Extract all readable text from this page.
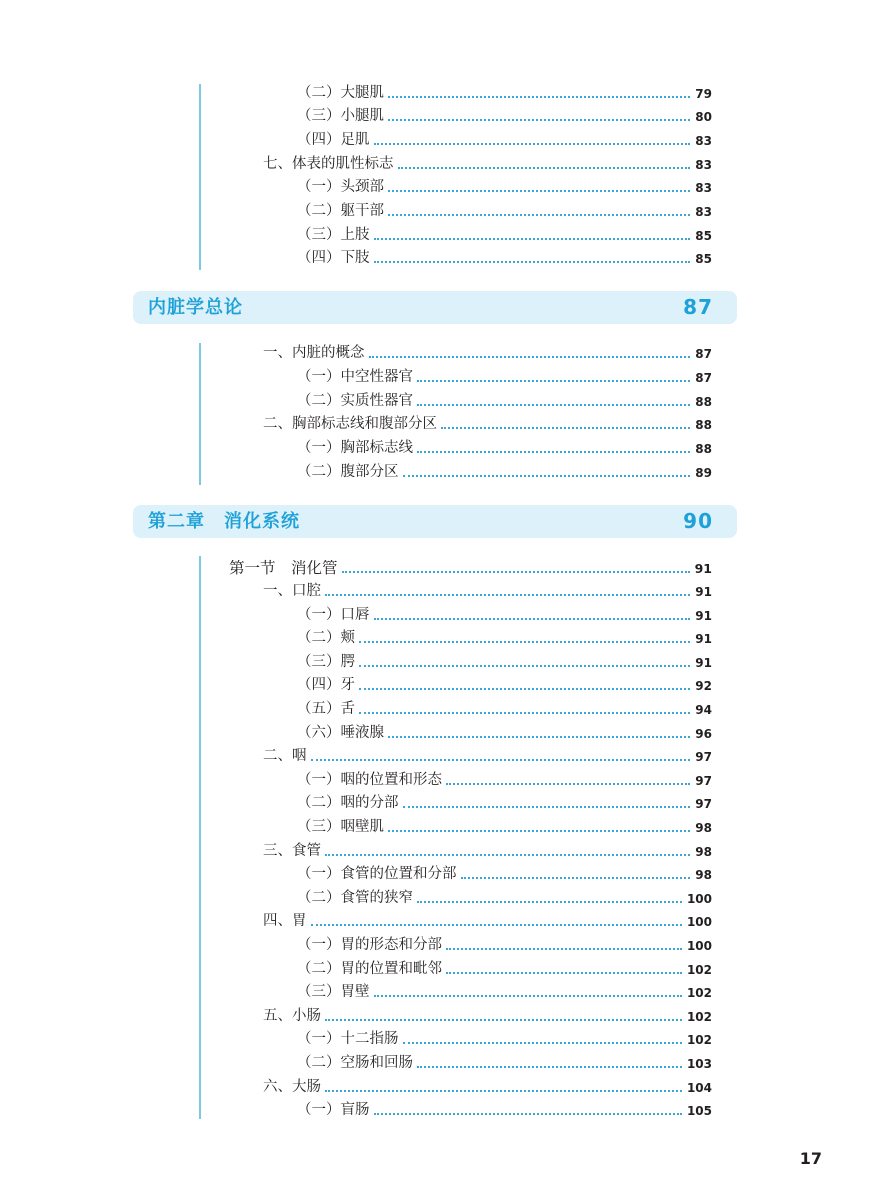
（二）大腿肌	79
（三）小腿肌	80
（四）足肌	83
七、体表的肌性标志	83
（一）头颈部	83
（二）躯干部	83
（三）上肢	85
（四）下肢	85
内脏学总论	87
一、内脏的概念	87
（一）中空性器官	87
（二）实质性器官	88
二、胸部标志线和腹部分区	88
（一）胸部标志线	88
（二）腹部分区	89
第二章　消化系统	90
第一节　消化管	91
一、口腔	91
（一）口唇	91
（二）颊	91
（三）腭	91
（四）牙	92
（五）舌	94
（六）唾液腺	96
二、咽	97
（一）咽的位置和形态	97
（二）咽的分部	97
（三）咽壁肌	98
三、食管	98
（一）食管的位置和分部	98
（二）食管的狭窄	100
四、胃	100
（一）胃的形态和分部	100
（二）胃的位置和毗邻	102
（三）胃壁	102
五、小肠	102
（一）十二指肠	102
（二）空肠和回肠	103
六、大肠	104
（一）盲肠	105
17
